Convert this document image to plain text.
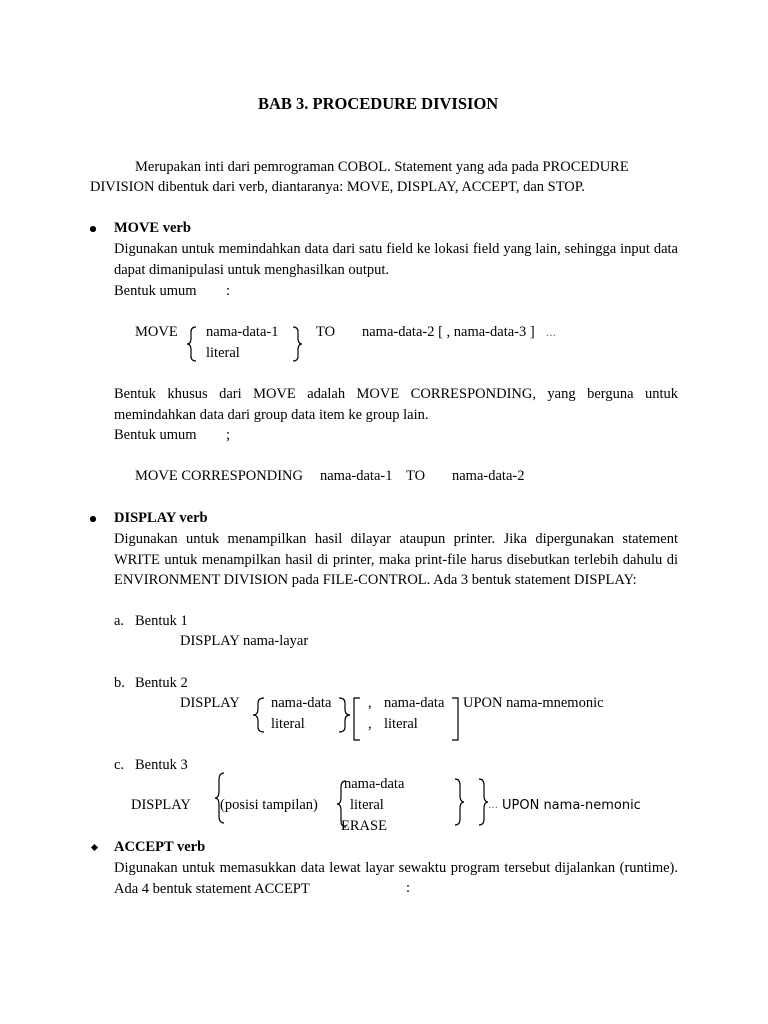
BAB 3. PROCEDURE DIVISION
Merupakan inti dari pemrograman COBOL. Statement yang ada pada PROCEDURE
DIVISION dibentuk dari verb, diantaranya: MOVE, DISPLAY, ACCEPT, dan STOP.
MOVE verb
Digunakan untuk memindahkan data dari satu field ke lokasi field yang lain, sehingga input data dapat dimanipulasi untuk menghasilkan output.
Bentuk umum :
MOVE nama-data-1
literal
TO nama-data-2 [ , nama-data-3 ] …
Bentuk khusus dari MOVE adalah MOVE CORRESPONDING, yang berguna untuk memindahkan data dari group data item ke group lain.
Bentuk umum ;
MOVE CORRESPONDING nama-data-1 TO nama-data-2
DISPLAY verb
Digunakan untuk menampilkan hasil dilayar ataupun printer. Jika dipergunakan statement WRITE untuk menampilkan hasil di printer, maka print-file harus disebutkan terlebih dahulu di ENVIRONMENT DIVISION pada FILE-CONTROL. Ada 3 bentuk statement DISPLAY:
a. Bentuk 1
DISPLAY nama-layar
b. Bentuk 2
DISPLAY nama-data
literal
, nama-data
, literal
UPON nama-mnemonic
c. Bentuk 3
DISPLAY (posisi tampilan)
nama-data
literal
ERASE
… UPON nama-nemonic
ACCEPT verb
Digunakan untuk memasukkan data lewat layar sewaktu program tersebut dijalankan (runtime). Ada 4 bentuk statement ACCEPT	:
